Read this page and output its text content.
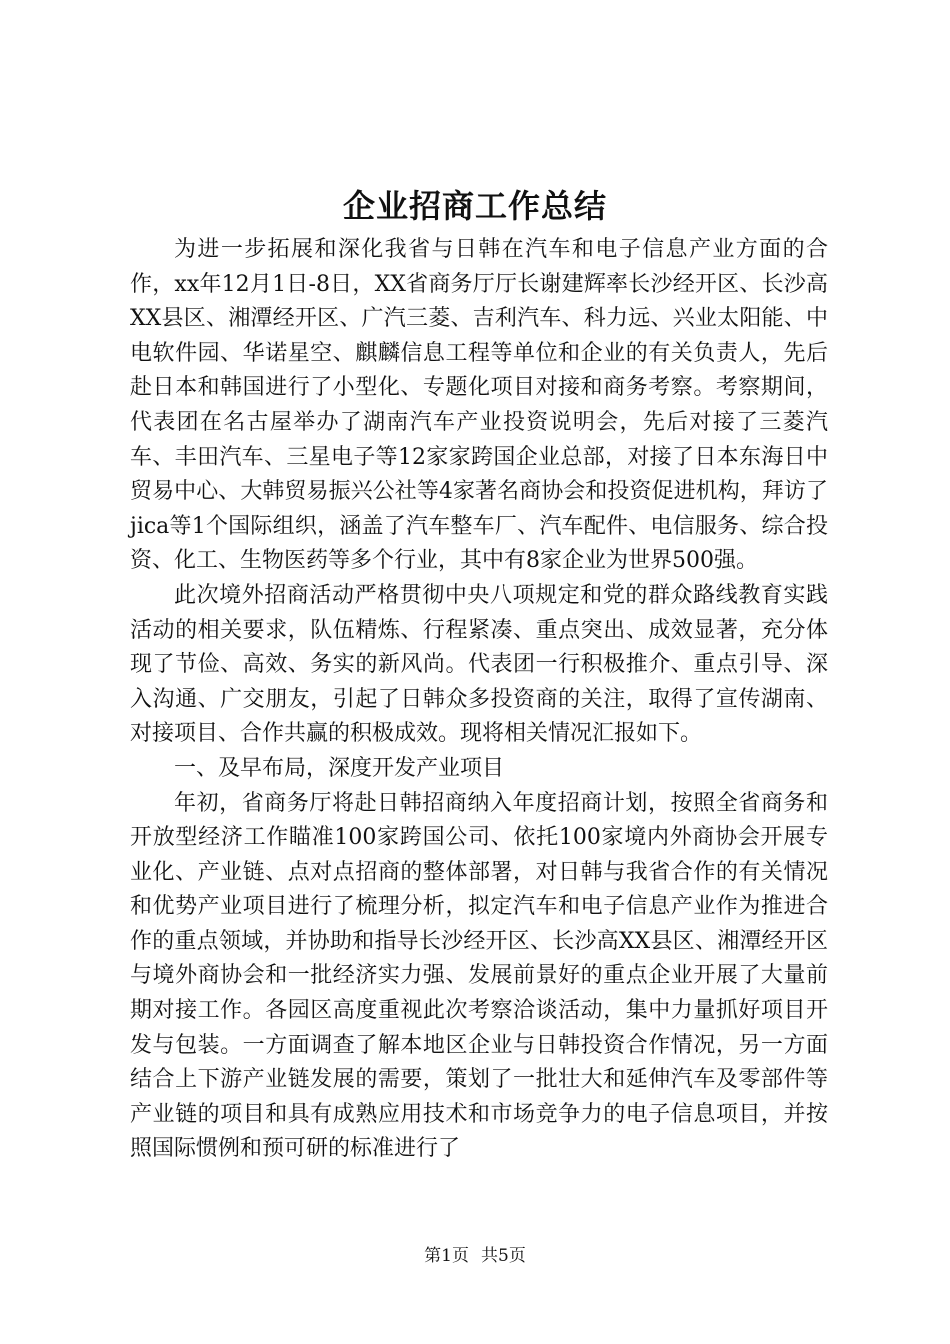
企业招商工作总结

为进一步拓展和深化我省与日韩在汽车和电子信息产业方面的合作，xx年12月1日-8日，XX省商务厅厅长谢建辉率长沙经开区、长沙高XX县区、湘潭经开区、广汽三菱、吉利汽车、科力远、兴业太阳能、中电软件园、华诺星空、麒麟信息工程等单位和企业的有关负责人，先后赴日本和韩国进行了小型化、专题化项目对接和商务考察。考察期间，代表团在名古屋举办了湖南汽车产业投资说明会，先后对接了三菱汽车、丰田汽车、三星电子等12家家跨国企业总部，对接了日本东海日中贸易中心、大韩贸易振兴公社等4家著名商协会和投资促进机构，拜访了jica等1个国际组织，涵盖了汽车整车厂、汽车配件、电信服务、综合投资、化工、生物医药等多个行业，其中有8家企业为世界500强。

此次境外招商活动严格贯彻中央八项规定和党的群众路线教育实践活动的相关要求，队伍精炼、行程紧凑、重点突出、成效显著，充分体现了节俭、高效、务实的新风尚。代表团一行积极推介、重点引导、深入沟通、广交朋友，引起了日韩众多投资商的关注，取得了宣传湖南、对接项目、合作共赢的积极成效。现将相关情况汇报如下。

一、及早布局，深度开发产业项目

年初，省商务厅将赴日韩招商纳入年度招商计划，按照全省商务和开放型经济工作瞄准100家跨国公司、依托100家境内外商协会开展专业化、产业链、点对点招商的整体部署，对日韩与我省合作的有关情况和优势产业项目进行了梳理分析，拟定汽车和电子信息产业作为推进合作的重点领域，并协助和指导长沙经开区、长沙高XX县区、湘潭经开区与境外商协会和一批经济实力强、发展前景好的重点企业开展了大量前期对接工作。各园区高度重视此次考察洽谈活动，集中力量抓好项目开发与包装。一方面调查了解本地区企业与日韩投资合作情况，另一方面结合上下游产业链发展的需要，策划了一批壮大和延伸汽车及零部件等产业链的项目和具有成熟应用技术和市场竞争力的电子信息项目，并按照国际惯例和预可研的标准进行了

第1页 共5页
